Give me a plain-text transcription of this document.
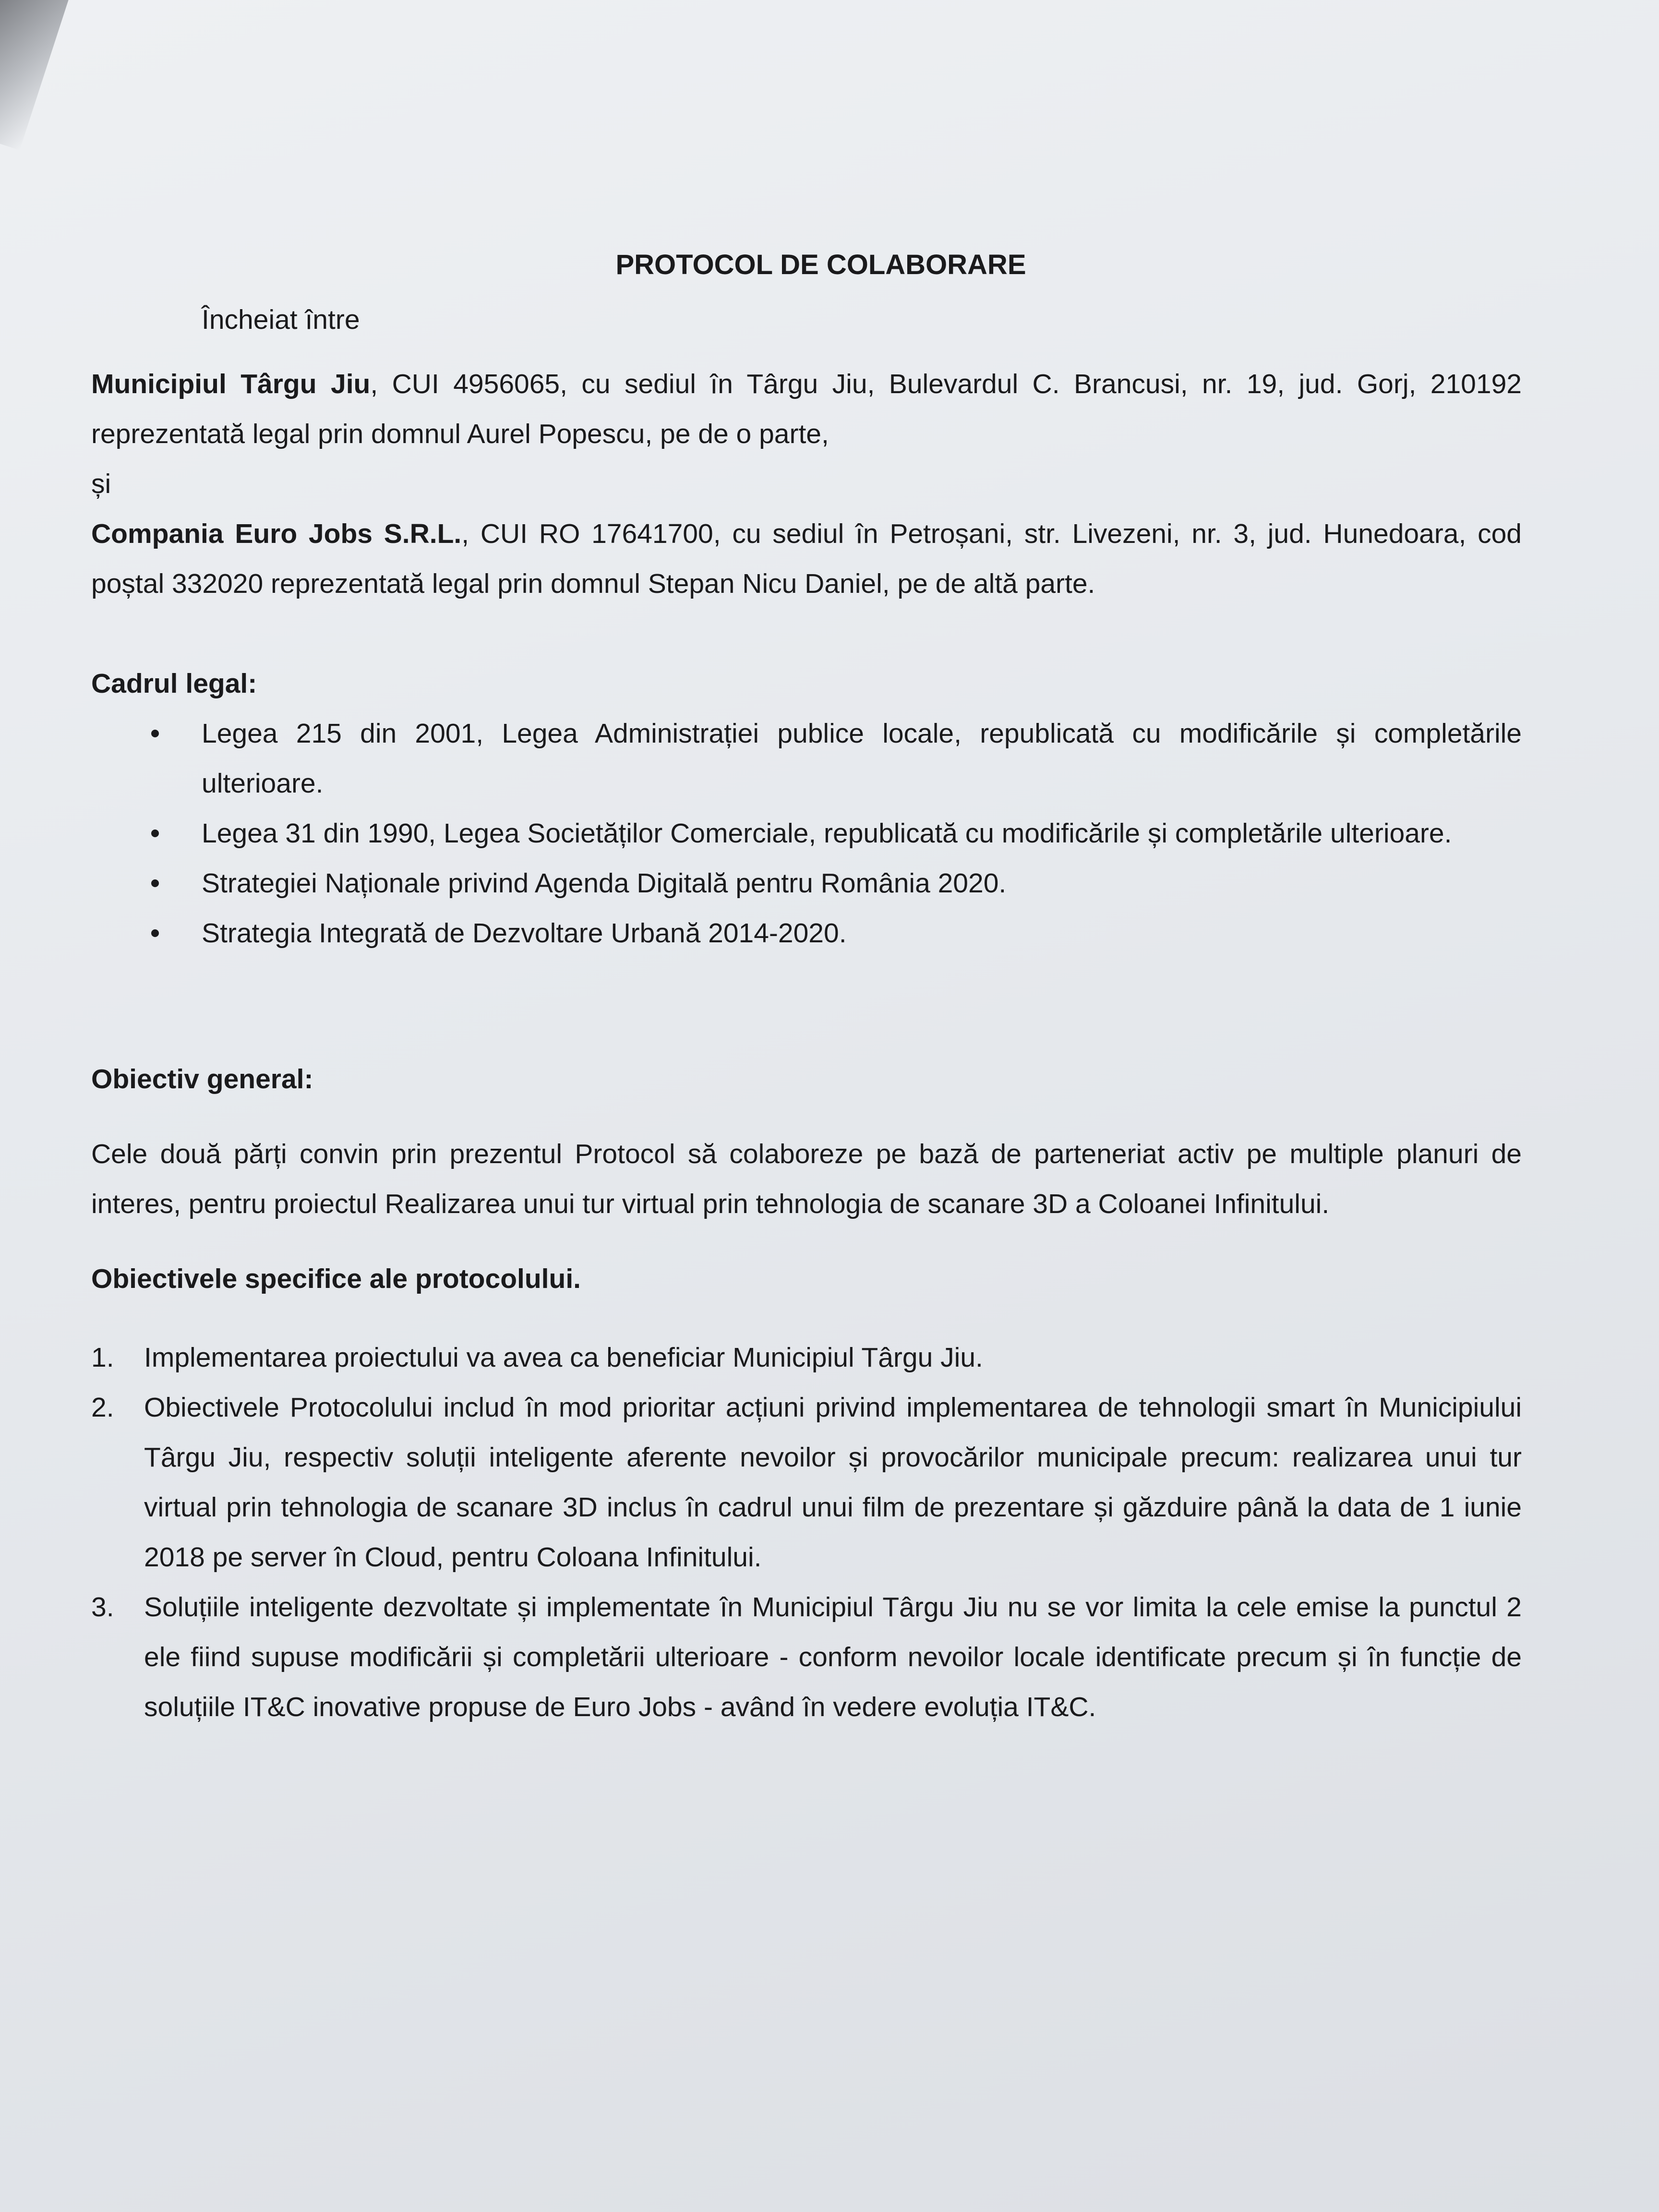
PROTOCOL DE COLABORARE
Încheiat între

Municipiul Târgu Jiu, CUI 4956065, cu sediul în Târgu Jiu, Bulevardul C. Brancusi, nr. 19, jud. Gorj, 210192 reprezentată legal prin domnul Aurel Popescu, pe de o parte,

și

Compania Euro Jobs S.R.L., CUI RO 17641700, cu sediul în Petroșani, str. Livezeni, nr. 3, jud. Hunedoara, cod poștal 332020 reprezentată legal prin domnul Stepan Nicu Daniel, pe de altă parte.

Cadrul legal:

Legea 215 din 2001, Legea Administrației publice locale, republicată cu modificările și completările ulterioare.
Legea 31 din 1990, Legea Societăților Comerciale, republicată cu modificările și completările ulterioare.
Strategiei Naționale privind Agenda Digitală pentru România 2020.
Strategia Integrată de Dezvoltare Urbană 2014-2020.

Obiectiv general:

Cele două părți convin prin prezentul Protocol să colaboreze pe bază de parteneriat activ pe multiple planuri de interes, pentru proiectul Realizarea unui tur virtual prin tehnologia de scanare 3D a Coloanei Infinitului.

Obiectivele specifice ale protocolului.

1. Implementarea proiectului va avea ca beneficiar Municipiul Târgu Jiu.
2. Obiectivele Protocolului includ în mod prioritar acțiuni privind implementarea de tehnologii smart în Municipiului Târgu Jiu, respectiv soluții inteligente aferente nevoilor și provocărilor municipale precum: realizarea unui tur virtual prin tehnologia de scanare 3D inclus în cadrul unui film de prezentare și găzduire până la data de 1 iunie 2018 pe server în Cloud, pentru Coloana Infinitului.
3. Soluțiile inteligente dezvoltate și implementate în Municipiul Târgu Jiu nu se vor limita la cele emise la punctul 2 ele fiind supuse modificării și completării ulterioare - conform nevoilor locale identificate precum și în funcție de soluțiile IT&C inovative propuse de Euro Jobs - având în vedere evoluția IT&C.
